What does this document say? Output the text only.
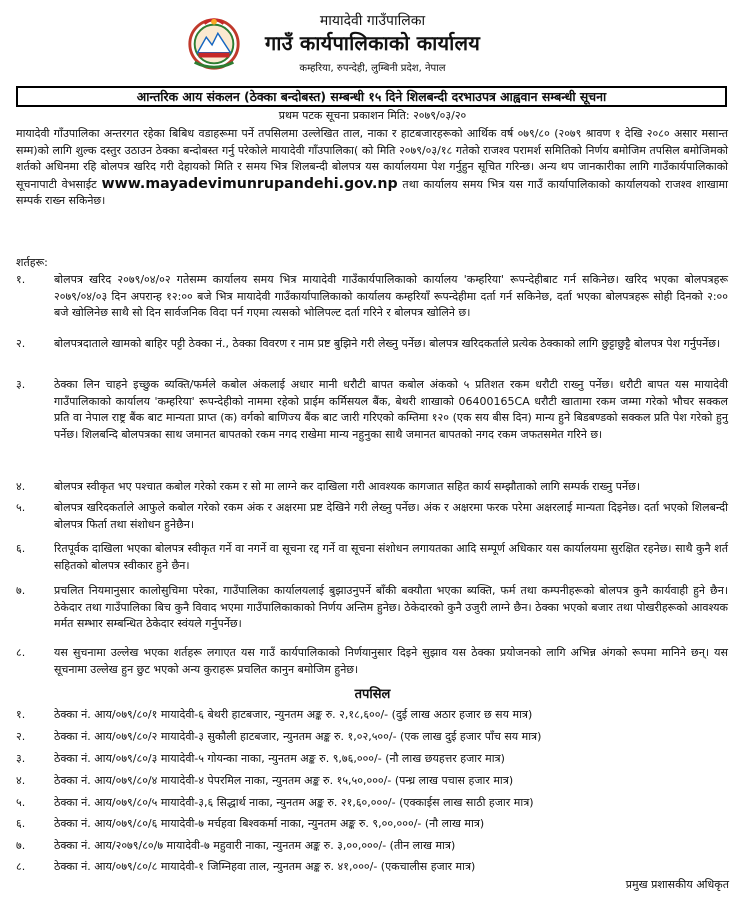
मायादेवी गाउँपालिका
गाउँ कार्यपालिकाको कार्यालय
कम्हरिया, रुपन्देही, लुम्बिनी प्रदेश, नेपाल
आन्तरिक आय संकलन (ठेक्का बन्दोबस्त) सम्बन्धी १५ दिने शिलबन्दी दरभाउपत्र आह्ववान सम्बन्धी सूचना
प्रथम पटक सूचना प्रकाशन मिति: २०७९/०३/२०
मायादेवी गाँउपालिका अन्तरगत रहेका बिबिध वडाहरूमा पर्ने तपसिलमा उल्लेखित ताल, नाका र हाटबजारहरूको आर्थिक वर्ष ०७९/८० (२०७९ श्रावण १ देखि २०८० असार मसान्त सम्म)को लागि शुल्क दस्तुर उठाउन ठेक्का बन्दोबस्त गर्नु परेकोले मायादेवी गाँउपालिका( को मिति २०७९/०३/१८ गतेको राजश्व परामर्श समितिको निर्णय बमोजिम तपसिल बमोजिमको शर्तको अधिनमा रहि बोलपत्र खरिद गरी देहायको मिति र समय भित्र शिलबन्दी बोलपत्र यस कार्यालयमा पेश गर्नुहुन सूचित गरिन्छ। अन्य थप जानकारीका लागि गाउँकार्यपालिकाको सूचनापाटी वेभसाईट www.mayadevimunrupandehi.gov.np तथा कार्यालय समय भित्र यस गाउँ कार्यापालिकाको कार्यालयको राजश्व शाखामा सम्पर्क राख्न सकिनेछ।
शर्तहरू:
१.	बोलपत्र खरिद २०७९/०४/०२ गतेसम्म कार्यालय समय भित्र मायादेवी गाउँकार्यपालिकाको कार्यालय 'कम्हरिया' रूपन्देहीबाट गर्न सकिनेछ। खरिद भएका बोलपत्रहरू २०७९/०४/०३ दिन अपरान्ह १२:०० बजे भित्र मायादेवी गाउँकार्यापालिकाको कार्यालय कम्हरियाँ रूपन्देहीमा दर्ता गर्न सकिनेछ, दर्ता भएका बोलपत्रहरू सोही दिनको २:०० बजे खोलिनेछ साथै सो दिन सार्वजनिक विदा पर्न गएमा त्यसको भोलिपल्ट दर्ता गरिने र बोलपत्र खोलिने छ।
२.	बोलपत्रदाताले खामको बाहिर पट्टी ठेक्का नं., ठेक्का विवरण र नाम प्रष्ट बुझिने गरी लेख्नु पर्नेछ। बोलपत्र खरिदकर्ताले प्रत्येक ठेक्काको लागि छुट्टाछुट्टै बोलपत्र पेश गर्नुपर्नेछ।
३.	ठेक्का लिन चाहने इच्छुक ब्यक्ति/फर्मले कबोल अंकलाई अधार मानी धरौटी बापत कबोल अंकको ५ प्रतिशत रकम धरौटी राख्नु पर्नेछ। धरौटी बापत यस मायादेवी गाउँपालिकाको कार्यालय 'कम्हरिया' रूपन्देहीको नाममा रहेको प्राईम कर्मिसयल बैंक, बेथरी शाखाको 06400165CA धरौटी खातामा रकम जम्मा गरेको भौचर सक्कल प्रति वा नेपाल राष्ट्र बैंक बाट मान्यता प्राप्त (क) वर्गको बाणिज्य बैंक बाट जारी गरिएको कम्तिमा १२० (एक सय बीस दिन) मान्य हुने बिडबण्डको सक्कल प्रति पेश गरेको हुनु पर्नेछ। शिलबन्दि बोलपत्रका साथ जमानत बापतको रकम नगद राखेमा मान्य नहुनुका साथै जमानत बापतको नगद रकम जफतसमेत गरिने छ।
४.	बोलपत्र स्वीकृत भए पश्चात कबोल गरेको रकम र सो मा लाग्ने कर दाखिला गरी आवश्यक कागजात सहित कार्य सम्झौताको लागि सम्पर्क राख्नु पर्नेछ।
५.	बोलपत्र खरिदकर्ताले आफुले कबोल गरेको रकम अंक र अक्षरमा प्रष्ट देखिने गरी लेख्नु पर्नेछ। अंक र अक्षरमा फरक परेमा अक्षरलाई मान्यता दिइनेछ। दर्ता भएको शिलबन्दी बोलपत्र फिर्ता तथा संशोधन हुनेछैन।
६.	रितपूर्वक दाखिला भएका बोलपत्र स्वीकृत गर्ने वा नगर्ने वा सूचना रद्द गर्ने वा सूचना संशोधन लगायतका आदि सम्पूर्ण अधिकार यस कार्यालयमा सुरक्षित रहनेछ। साथै कुनै शर्त सहितको बोलपत्र स्वीकार हुने छैन।
७.	प्रचलित नियमानुसार कालोसुचिमा परेका, गाउँपालिका कार्यालयलाई बुझाउनुपर्ने बाँकी बक्यौता भएका ब्यक्ति, फर्म तथा कम्पनीहरूको बोलपत्र कुनै कार्यवाही हुने छैन। ठेकेदार तथा गाउँपालिका बिच कुनै विवाद भएमा गाउँपालिकाकाको निर्णय अन्तिम हुनेछ। ठेकेदारको कुनै उजुरी लाग्ने छैन। ठेक्का भएको बजार तथा पोखरीहरूको आवश्यक मर्मत सम्भार सम्बन्धित ठेकेदार स्वंयले गर्नुपर्नेछ।
८.	यस सुचनामा उल्लेख भएका शर्तहरू लगाएत यस गाउँ कार्यपालिकाको निर्णयानुसार दिइने सुझाव यस ठेक्का प्रयोजनको लागि अभिन्न अंगको रूपमा मानिने छन्। यस सूचनामा उल्लेख हुन छुट भएको अन्य कुराहरू प्रचलित कानुन बमोजिम हुनेछ।
तपसिल
१.	ठेक्का नं. आय/०७९/८०/१ मायादेवी-६ बेथरी हाटबजार, न्युनतम अङ्क रु. २,१८,६००/- (दुई लाख अठार हजार छ सय मात्र)
२.	ठेक्का नं. आय/०७९/८०/२ मायादेवी-३ सुकौली हाटबजार, न्युनतम अङ्क रु. १,०२,५००/- (एक लाख दुई हजार पाँच सय मात्र)
३.	ठेक्का नं. आय/०७९/८०/३ मायादेवी-५ गोयन्का नाका, न्युनतम अङ्क रु. ९,७६,०००/- (नौ लाख छयहत्तर हजार मात्र)
४.	ठेक्का नं. आय/०७९/८०/४ मायादेवी-४ पेपरमिल नाका, न्युनतम अङ्क रु. १५,५०,०००/- (पन्ध्र लाख पचास हजार मात्र)
५.	ठेक्का नं. आय/०७९/८०/५ मायादेवी-३,६ सिद्धार्थ नाका, न्युनतम अङ्क रु. २१,६०,०००/- (एक्काईस लाख साठी हजार मात्र)
६.	ठेक्का नं. आय/०७९/८०/६ मायादेवी-७ मर्चहवा बिश्वकर्मा नाका, न्युनतम अङ्क रु. ९,००,०००/- (नौ लाख मात्र)
७.	ठेक्का नं. आय/२०७९/८०/७ मायादेवी-७ महुवारी नाका, न्युनतम अङ्क रु. ३,००,०००/- (तीन लाख मात्र)
८.	ठेक्का नं. आय/०७९/८०/८ मायादेवी-१ जिम्निहवा ताल, न्युनतम अङ्क रु. ४१,०००/- (एकचालीस हजार मात्र)
प्रमुख प्रशासकीय अधिकृत
